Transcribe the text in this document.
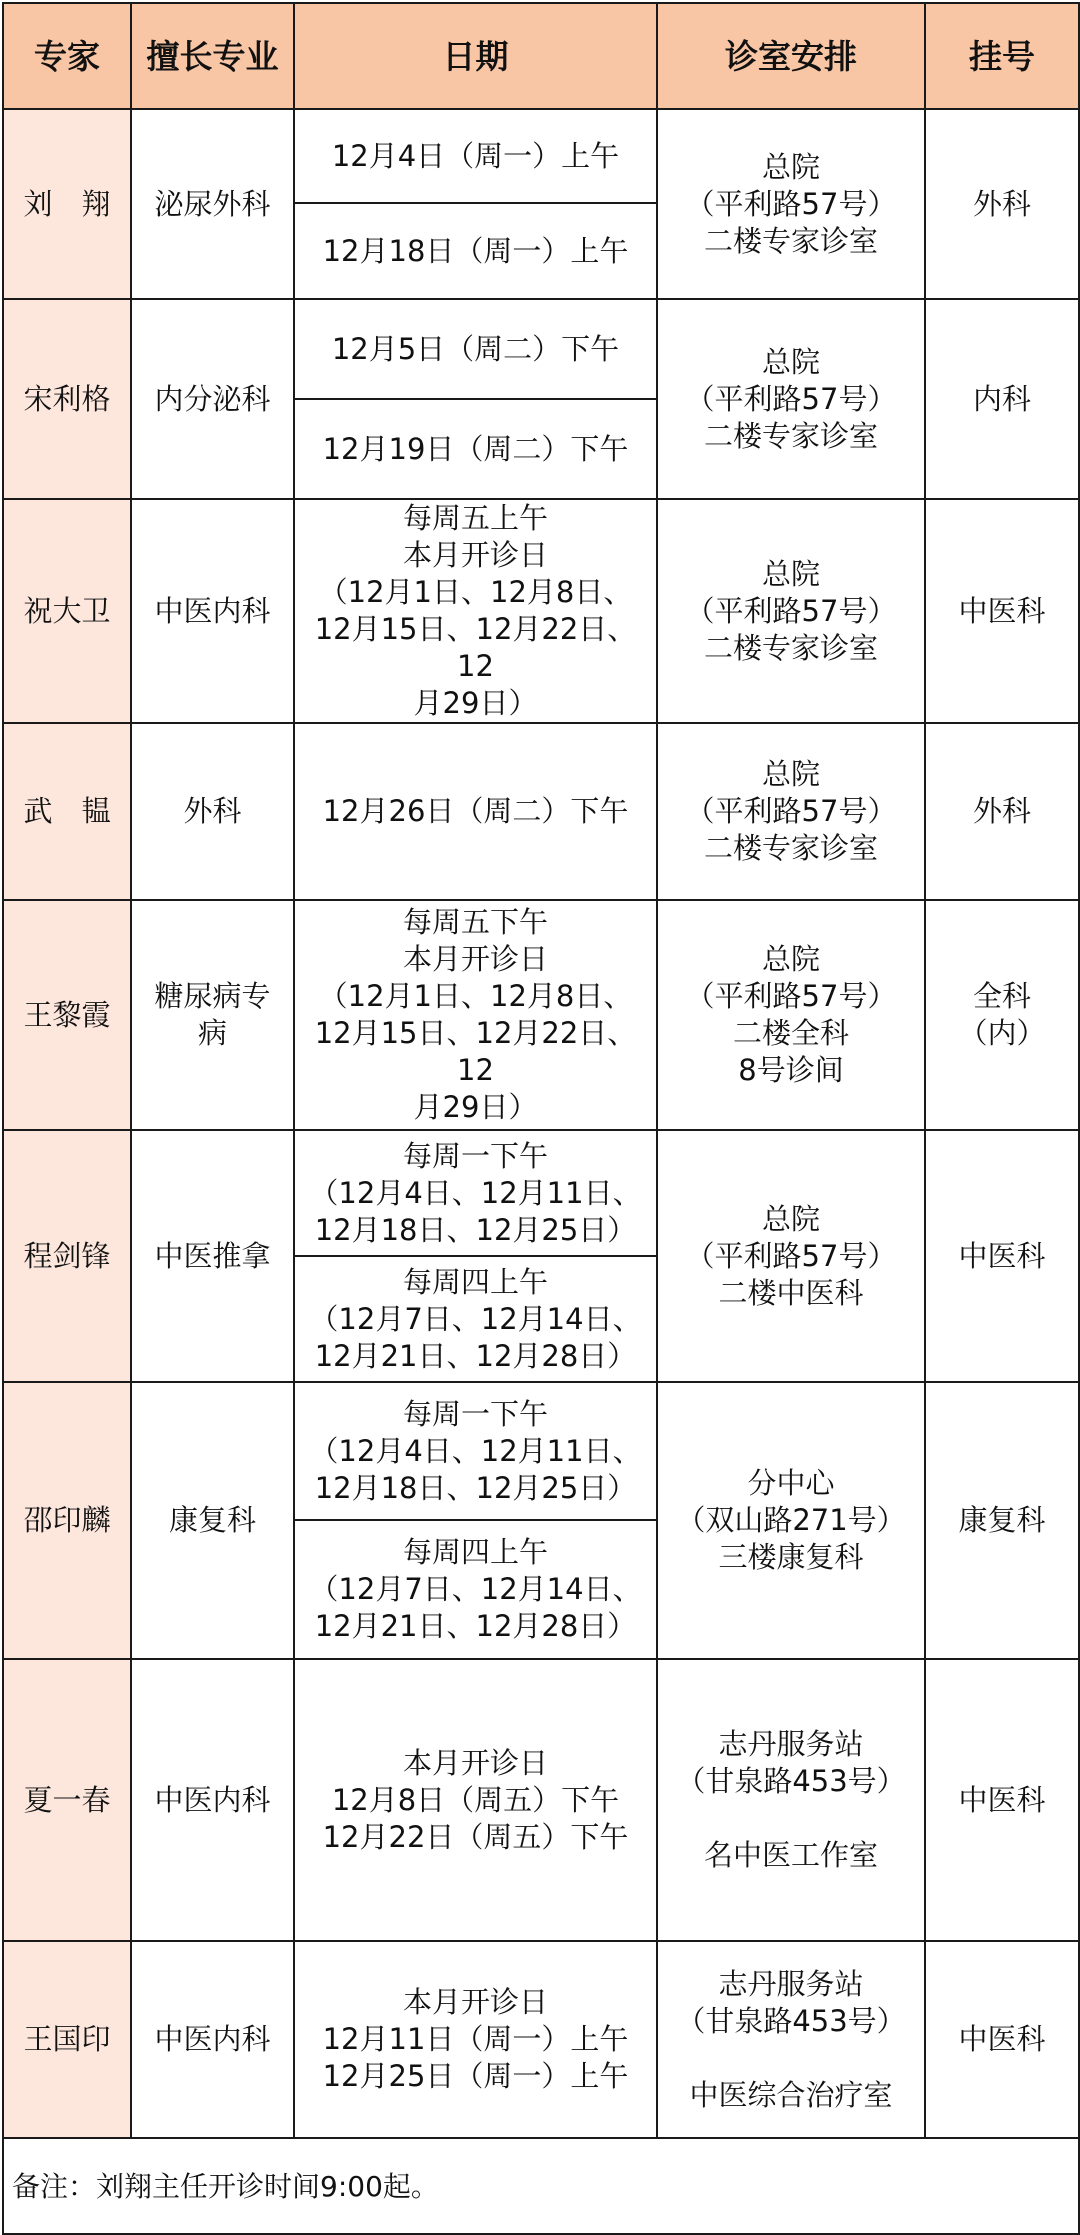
专家	擅长专业	日期	诊室安排	挂号
刘　翔	泌尿外科	12月4日（周一）上午	总院
（平利路57号）
二楼专家诊室	外科
		12月18日（周一）上午		
宋利格	内分泌科	12月5日（周二）下午	总院
（平利路57号）
二楼专家诊室	内科
		12月19日（周二）下午		
祝大卫	中医内科	每周五上午
本月开诊日
（12月1日、12月8日、
12月15日、12月22日、12
月29日）	总院
（平利路57号）
二楼专家诊室	中医科
武　韫	外科	12月26日（周二）下午	总院
（平利路57号）
二楼专家诊室	外科
王黎霞	糖尿病专
病	每周五下午
本月开诊日
（12月1日、12月8日、
12月15日、12月22日、12
月29日）	总院
（平利路57号）
二楼全科
8号诊间	全科
（内）

程剑锋	中医推拿	每周一下午
（12月4日、12月11日、
12月18日、12月25日）	总院
（平利路57号）
二楼中医科	中医科

		每周四上午
（12月7日、12月14日、
12月21日、12月28日）		

邵印麟	康复科	每周一下午
（12月4日、12月11日、
12月18日、12月25日）	分中心
（双山路271号）
三楼康复科	康复科

		每周四上午
（12月7日、12月14日、
12月21日、12月28日）		

夏一春	中医内科	本月开诊日
12月8日（周五）下午
12月22日（周五）下午	志丹服务站
（甘泉路453号）
名中医工作室	中医科
王国印	中医内科	本月开诊日
12月11日（周一）上午
12月25日（周一）上午	志丹服务站
（甘泉路453号）
中医综合治疗室	中医科
备注：刘翔主任开诊时间9:00起。				
